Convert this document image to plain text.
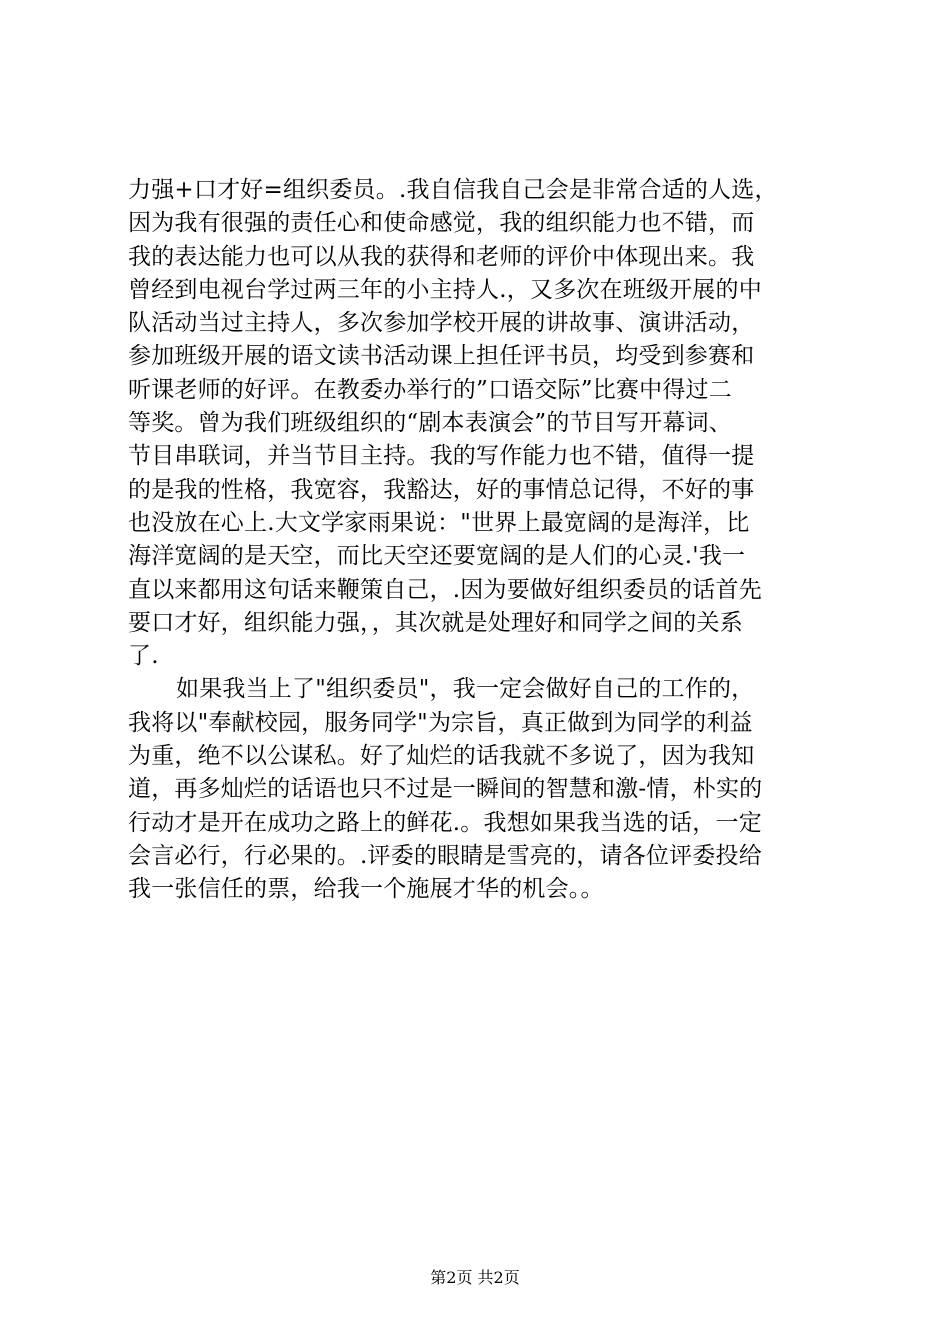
力强+口才好=组织委员。.我自信我自己会是非常合适的人选，
因为我有很强的责任心和使命感觉，我的组织能力也不错，而
我的表达能力也可以从我的获得和老师的评价中体现出来。我
曾经到电视台学过两三年的小主持人.，又多次在班级开展的中
队活动当过主持人，多次参加学校开展的讲故事、演讲活动，
参加班级开展的语文读书活动课上担任评书员，均受到参赛和
听课老师的好评。在教委办举行的”口语交际”比赛中得过二
等奖。曾为我们班级组织的“剧本表演会”的节目写开幕词、
节目串联词，并当节目主持。我的写作能力也不错，值得一提
的是我的性格，我宽容，我豁达，好的事情总记得，不好的事
也没放在心上.大文学家雨果说："世界上最宽阔的是海洋，比
海洋宽阔的是天空，而比天空还要宽阔的是人们的心灵.'我一
直以来都用这句话来鞭策自己，.因为要做好组织委员的话首先
要口才好，组织能力强，，其次就是处理好和同学之间的关系
了.
如果我当上了"组织委员"，我一定会做好自己的工作的，
我将以"奉献校园，服务同学"为宗旨，真正做到为同学的利益
为重，绝不以公谋私。好了灿烂的话我就不多说了，因为我知
道，再多灿烂的话语也只不过是一瞬间的智慧和激-情，朴实的
行动才是开在成功之路上的鲜花.。我想如果我当选的话，一定
会言必行，行必果的。.评委的眼睛是雪亮的，请各位评委投给
我一张信任的票，给我一个施展才华的机会。。
第2页 共2页
